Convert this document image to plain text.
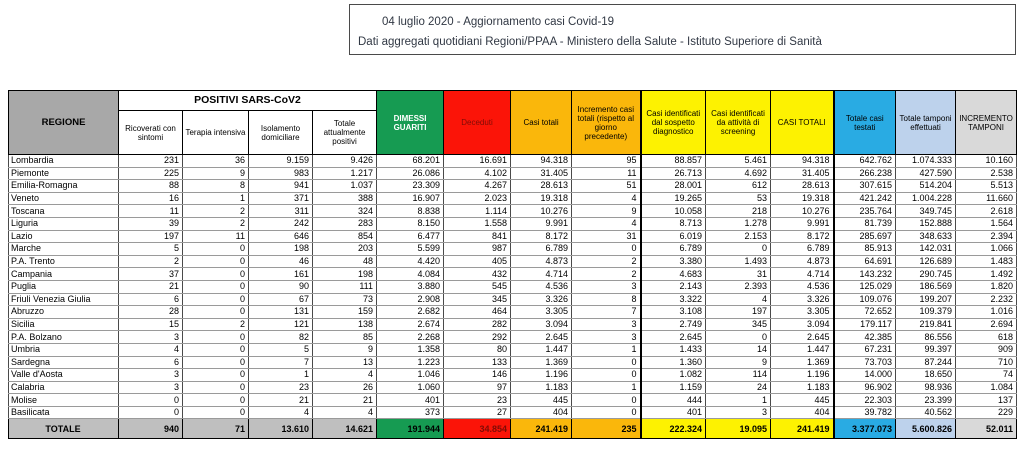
04 luglio 2020 - Aggiornamento casi Covid-19
Dati aggregati quotidiani Regioni/PPAA - Ministero della Salute - Istituto Superiore di Sanità
REGIONE	POSITIVI SARS-CoV2				DIMESSI GUARITI	Deceduti	Casi totali	Incremento casi totali (rispetto al giorno precedente)	Casi identificati dal sospetto diagnostico	Casi identificati da attività di screening	CASI TOTALI	Totale casi testati	Totale tamponi effettuati	INCREMENTO TAMPONI
	Ricoverati con sintomi	Terapia intensiva	Isolamento domiciliare	Totale attualmente positivi										
Lombardia	231	36	9.159	9.426	68.201	16.691	94.318	95	88.857	5.461	94.318	642.762	1.074.333	10.160
Piemonte	225	9	983	1.217	26.086	4.102	31.405	11	26.713	4.692	31.405	266.238	427.590	2.538
Emilia-Romagna	88	8	941	1.037	23.309	4.267	28.613	51	28.001	612	28.613	307.615	514.204	5.513
Veneto	16	1	371	388	16.907	2.023	19.318	4	19.265	53	19.318	421.242	1.004.228	11.660
Toscana	11	2	311	324	8.838	1.114	10.276	9	10.058	218	10.276	235.764	349.745	2.618
Liguria	39	2	242	283	8.150	1.558	9.991	4	8.713	1.278	9.991	81.739	152.888	1.564
Lazio	197	11	646	854	6.477	841	8.172	31	6.019	2.153	8.172	285.697	348.633	2.394
Marche	5	0	198	203	5.599	987	6.789	0	6.789	0	6.789	85.913	142.031	1.066
P.A. Trento	2	0	46	48	4.420	405	4.873	2	3.380	1.493	4.873	64.691	126.689	1.483
Campania	37	0	161	198	4.084	432	4.714	2	4.683	31	4.714	143.232	290.745	1.492
Puglia	21	0	90	111	3.880	545	4.536	3	2.143	2.393	4.536	125.029	186.569	1.820
Friuli Venezia Giulia	6	0	67	73	2.908	345	3.326	8	3.322	4	3.326	109.076	199.207	2.232
Abruzzo	28	0	131	159	2.682	464	3.305	7	3.108	197	3.305	72.652	109.379	1.016
Sicilia	15	2	121	138	2.674	282	3.094	3	2.749	345	3.094	179.117	219.841	2.694
P.A. Bolzano	3	0	82	85	2.268	292	2.645	3	2.645	0	2.645	42.385	86.556	618
Umbria	4	0	5	9	1.358	80	1.447	1	1.433	14	1.447	67.231	99.397	909
Sardegna	6	0	7	13	1.223	133	1.369	0	1.360	9	1.369	73.703	87.244	710
Valle d'Aosta	3	0	1	4	1.046	146	1.196	0	1.082	114	1.196	14.000	18.650	74
Calabria	3	0	23	26	1.060	97	1.183	1	1.159	24	1.183	96.902	98.936	1.084
Molise	0	0	21	21	401	23	445	0	444	1	445	22.303	23.399	137
Basilicata	0	0	4	4	373	27	404	0	401	3	404	39.782	40.562	229
TOTALE	940	71	13.610	14.621	191.944	34.854	241.419	235	222.324	19.095	241.419	3.377.073	5.600.826	52.011
